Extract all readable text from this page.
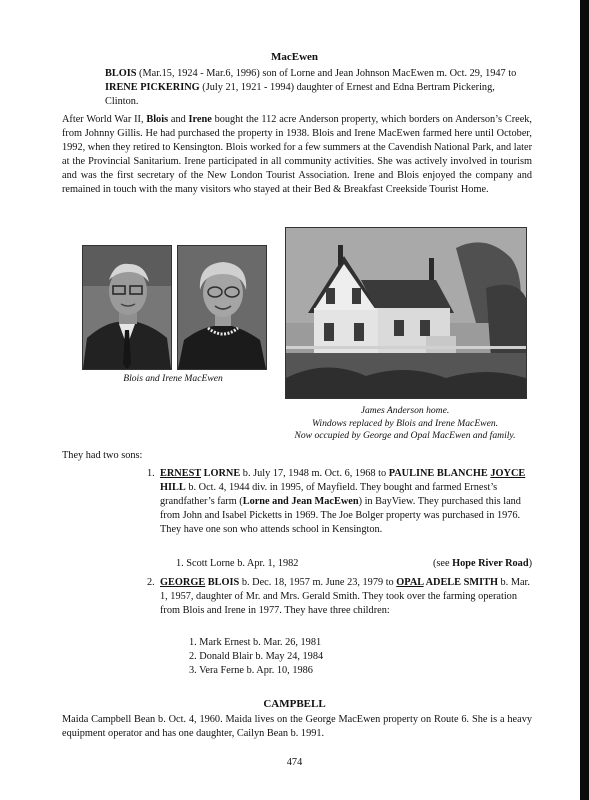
MacEwen
BLOIS (Mar.15, 1924 - Mar.6, 1996) son of Lorne and Jean Johnson MacEwen m. Oct. 29, 1947 to IRENE PICKERING (July 21, 1921 - 1994) daughter of Ernest and Edna Bertram Pickering, Clinton.
After World War II, Blois and Irene bought the 112 acre Anderson property, which borders on Anderson’s Creek, from Johnny Gillis. He had purchased the property in 1938. Blois and Irene MacEwen farmed here until October, 1992, when they retired to Kensington. Blois worked for a few summers at the Cavendish National Park, and later at the Provincial Sanitarium. Irene participated in all community activities. She was actively involved in tourism and was the first secretary of the New London Tourist Association. Irene and Blois enjoyed the company and remained in touch with the many visitors who stayed at their Bed & Breakfast Creekside Tourist Home.
Blois and Irene MacEwen
James Anderson home.
Windows replaced by Blois and Irene MacEwen.
Now occupied by George and Opal MacEwen and family.
They had two sons:
1. ERNEST LORNE b. July 17, 1948 m. Oct. 6, 1968 to PAULINE BLANCHE JOYCE HILL b. Oct. 4, 1944 div. in 1995, of Mayfield. They bought and farmed Ernest’s grandfather’s farm (Lorne and Jean MacEwen) in BayView. They purchased this land from John and Isabel Picketts in 1969. The Joe Bolger property was purchased in 1976. They have one son who attends school in Kensington.
1. Scott Lorne b. Apr. 1, 1982	(see Hope River Road)
2. GEORGE BLOIS b. Dec. 18, 1957 m. June 23, 1979 to OPAL ADELE SMITH b. Mar. 1, 1957, daughter of Mr. and Mrs. Gerald Smith. They took over the farming operation from Blois and Irene in 1977. They have three children:
1. Mark Ernest b. Mar. 26, 1981
2. Donald Blair b. May 24, 1984
3. Vera Ferne b. Apr. 10, 1986
CAMPBELL
Maida Campbell Bean b. Oct. 4, 1960. Maida lives on the George MacEwen property on Route 6. She is a heavy equipment operator and has one daughter, Cailyn Bean b. 1991.
474
